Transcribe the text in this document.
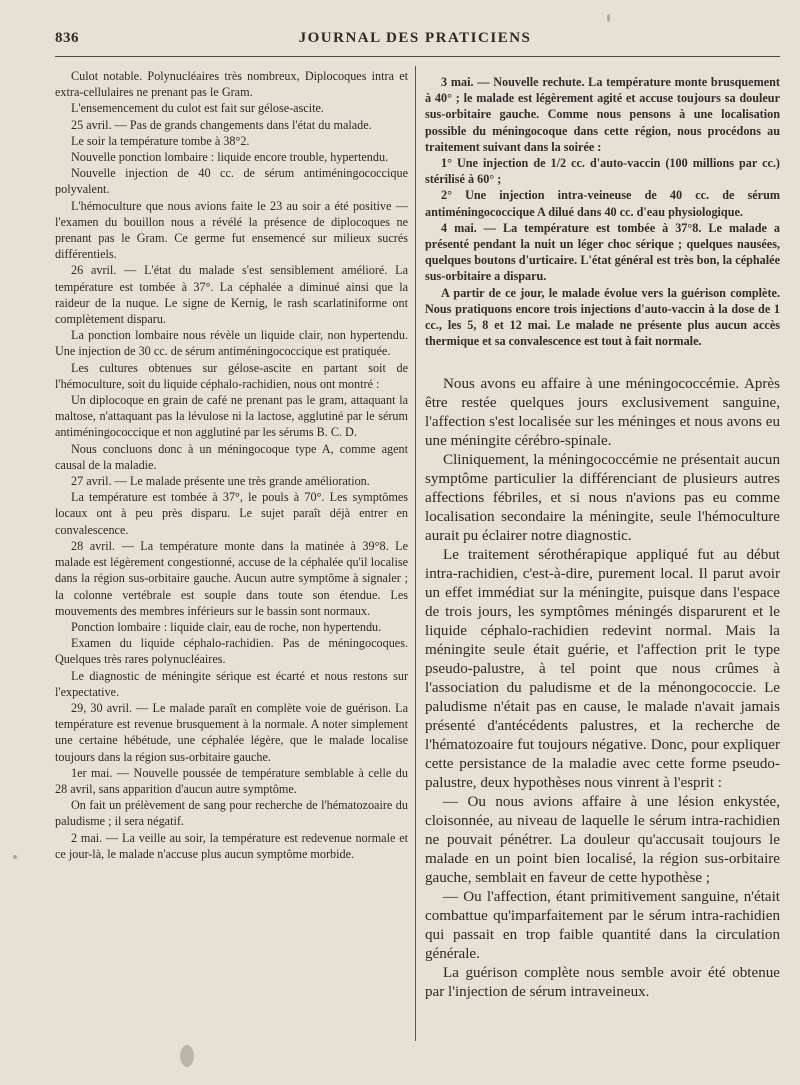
836	JOURNAL DES PRATICIENS

Culot notable. Polynucléaires très nombreux, Diplocoques intra et extra-cellulaires ne prenant pas le Gram.

L'ensemencement du culot est fait sur gélose-ascite.

25 avril. — Pas de grands changements dans l'état du malade.

Le soir la température tombe à 38°2.

Nouvelle ponction lombaire : liquide encore trouble, hypertendu.

Nouvelle injection de 40 cc. de sérum antiméningococcique polyvalent.

L'hémoculture que nous avions faite le 23 au soir a été positive — l'examen du bouillon nous a révélé la présence de diplocoques ne prenant pas le Gram. Ce germe fut ensemencé sur milieux sucrés différentiels.

26 avril. — L'état du malade s'est sensiblement amélioré. La température est tombée à 37°. La céphalée a diminué ainsi que la raideur de la nuque. Le signe de Kernig, le rash scarlatiniforme ont complètement disparu.

La ponction lombaire nous révèle un liquide clair, non hypertendu. Une injection de 30 cc. de sérum antiméningococcique est pratiquée.

Les cultures obtenues sur gélose-ascite en partant soit de l'hémoculture, soit du liquide céphalo-rachidien, nous ont montré :

Un diplocoque en grain de café ne prenant pas le gram, attaquant la maltose, n'attaquant pas la lévulose ni la lactose, agglutiné par le sérum antiméningococcique et non agglutiné par les sérums B. C. D.

Nous concluons donc à un méningocoque type A, comme agent causal de la maladie.

27 avril. — Le malade présente une très grande amélioration.

La température est tombée à 37°, le pouls à 70°. Les symptômes locaux ont à peu près disparu. Le sujet paraît déjà entrer en convalescence.

28 avril. — La température monte dans la matinée à 39°8. Le malade est légèrement congestionné, accuse de la céphalée qu'il localise dans la région sus-orbitaire gauche. Aucun autre symptôme à signaler ; la colonne vertébrale est souple dans toute son étendue. Les mouvements des membres inférieurs sur le bassin sont normaux.

Ponction lombaire : liquide clair, eau de roche, non hypertendu.

Examen du liquide céphalo-rachidien. Pas de méningocoques. Quelques très rares polynucléaires.

Le diagnostic de méningite sérique est écarté et nous restons sur l'expectative.

29, 30 avril. — Le malade paraît en complète voie de guérison. La température est revenue brusquement à la normale. A noter simplement une certaine hébétude, une céphalée légère, que le malade localise toujours dans la région sus-orbitaire gauche.

1er mai. — Nouvelle poussée de température semblable à celle du 28 avril, sans apparition d'aucun autre symptôme.

On fait un prélèvement de sang pour recherche de l'hématozoaire du paludisme ; il sera négatif.

2 mai. — La veille au soir, la température est redevenue normale et ce jour-là, le malade n'accuse plus aucun symptôme morbide.

3 mai. — Nouvelle rechute. La température monte brusquement à 40° ; le malade est légèrement agité et accuse toujours sa douleur sus-orbitaire gauche. Comme nous pensons à une localisation possible du méningocoque dans cette région, nous procédons au traitement suivant dans la soirée :

1° Une injection de 1/2 cc. d'auto-vaccin (100 millions par cc.) stérilisé à 60° ;

2° Une injection intra-veineuse de 40 cc. de sérum antiméningococcique A dilué dans 40 cc. d'eau physiologique.

4 mai. — La température est tombée à 37°8. Le malade a présenté pendant la nuit un léger choc sérique ; quelques nausées, quelques boutons d'urticaire. L'état général est très bon, la céphalée sus-orbitaire a disparu.

A partir de ce jour, le malade évolue vers la guérison complète. Nous pratiquons encore trois injections d'auto-vaccin à la dose de 1 cc., les 5, 8 et 12 mai. Le malade ne présente plus aucun accès thermique et sa convalescence est tout à fait normale.

Nous avons eu affaire à une méningococcémie. Après être restée quelques jours exclusivement sanguine, l'affection s'est localisée sur les méninges et nous avons eu une méningite cérébro-spinale.

Cliniquement, la méningococcémie ne présentait aucun symptôme particulier la différenciant de plusieurs autres affections fébriles, et si nous n'avions pas eu comme localisation secondaire la méningite, seule l'hémoculture aurait pu éclairer notre diagnostic.

Le traitement sérothérapique appliqué fut au début intra-rachidien, c'est-à-dire, purement local. Il parut avoir un effet immédiat sur la méningite, puisque dans l'espace de trois jours, les symptômes méningés disparurent et le liquide céphalo-rachidien redevint normal. Mais la méningite seule était guérie, et l'affection prit le type pseudo-palustre, à tel point que nous crûmes à l'association du paludisme et de la ménongococcie. Le paludisme n'était pas en cause, le malade n'avait jamais présenté d'antécédents palustres, et la recherche de l'hématozoaire fut toujours négative. Donc, pour expliquer cette persistance de la maladie avec cette forme pseudo-palustre, deux hypothèses nous vinrent à l'esprit :

— Ou nous avions affaire à une lésion enkystée, cloisonnée, au niveau de laquelle le sérum intra-rachidien ne pouvait pénétrer. La douleur qu'accusait toujours le malade en un point bien localisé, la région sus-orbitaire gauche, semblait en faveur de cette hypothèse ;

— Ou l'affection, étant primitivement sanguine, n'était combattue qu'imparfaitement par le sérum intra-rachidien qui passait en trop faible quantité dans la circulation générale.

La guérison complète nous semble avoir été obtenue par l'injection de sérum intraveineux.
